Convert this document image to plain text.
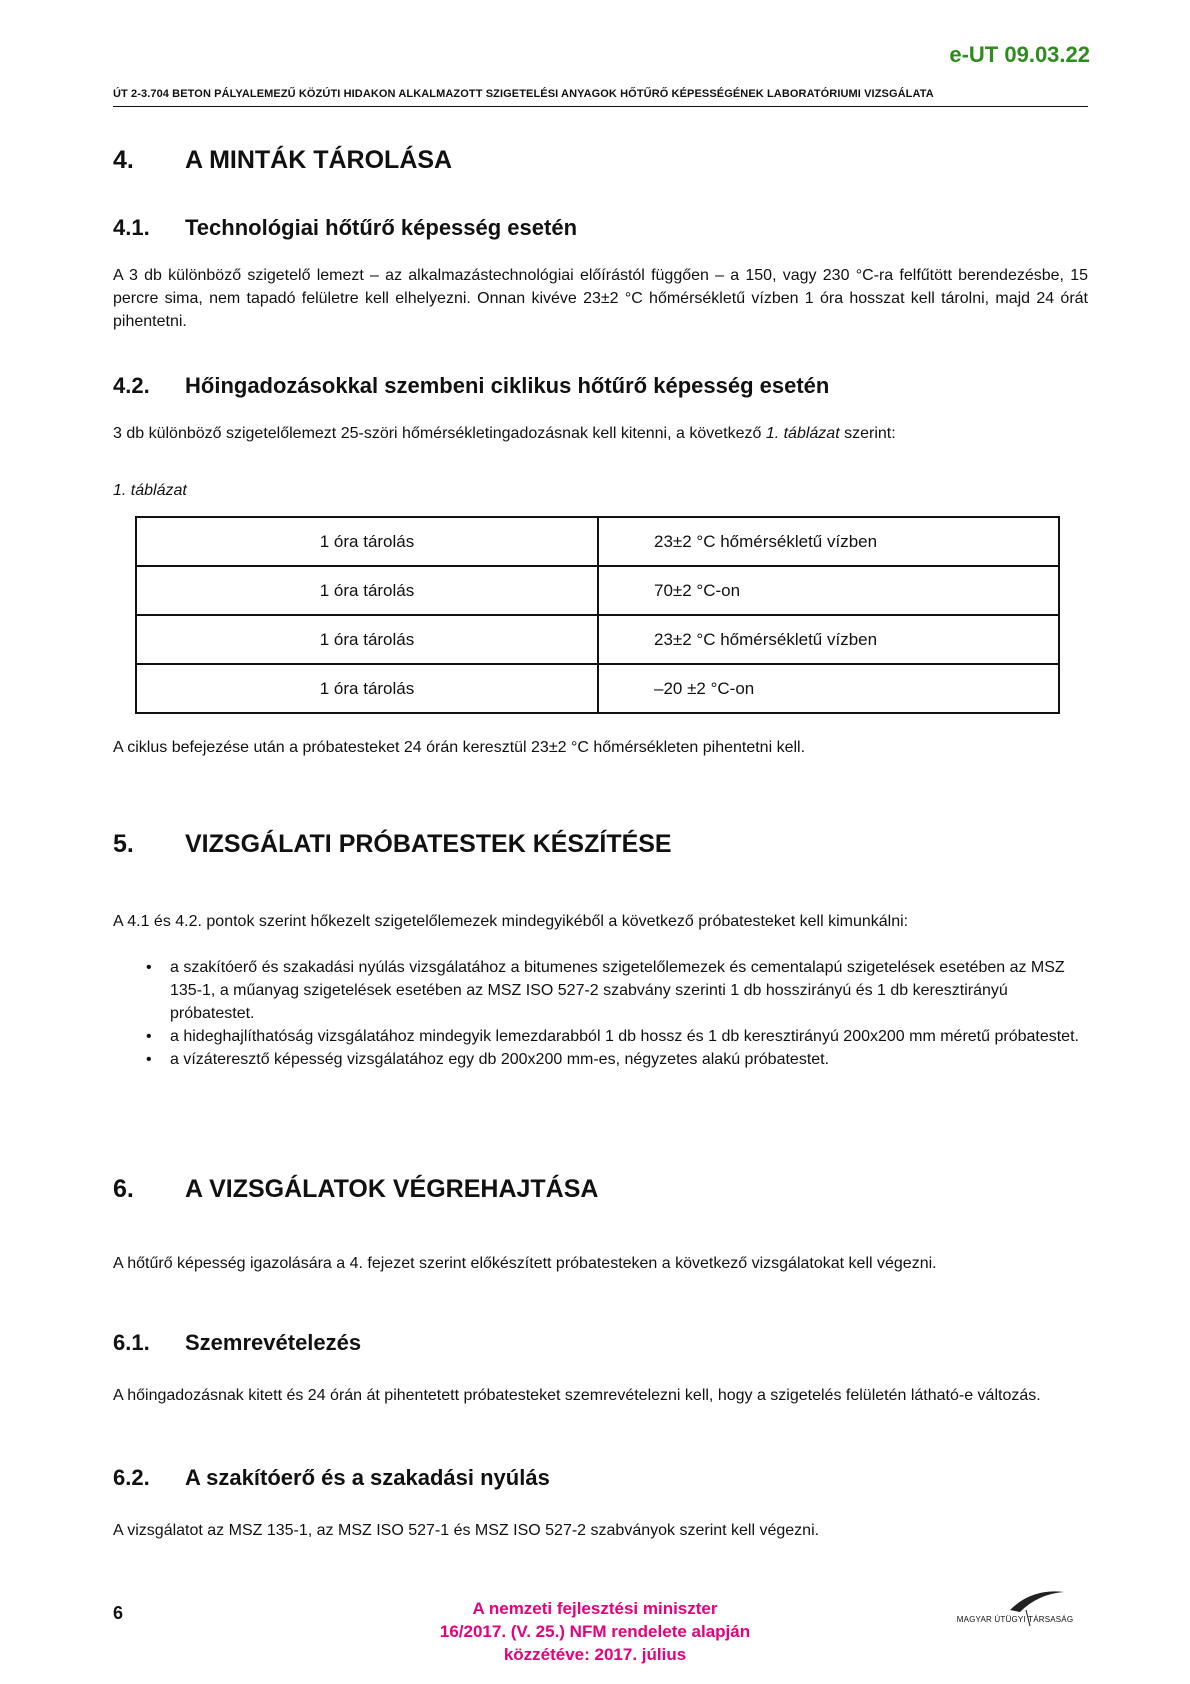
e-UT 09.03.22
ÚT 2-3.704 BETON PÁLYALEMEZŰ KÖZÚTI HIDAKON ALKALMAZOTT SZIGETELÉSI ANYAGOK HŐTŰRŐ KÉPESSÉGÉNEK LABORATÓRIUMI VIZSGÁLATA
4. A MINTÁK TÁROLÁSA
4.1. Technológiai hőtűrő képesség esetén
A 3 db különböző szigetelő lemezt – az alkalmazástechnológiai előírástól függően – a 150, vagy 230 °C-ra felfűtött berendezésbe, 15 percre sima, nem tapadó felületre kell elhelyezni. Onnan kivéve 23±2 °C hőmérsékletű vízben 1 óra hosszat kell tárolni, majd 24 órát pihentetni.
4.2. Hőingadozásokkal szembeni ciklikus hőtűrő képesség esetén
3 db különböző szigetelőlemezt 25-szöri hőmérsékletingadozásnak kell kitenni, a következő 1. táblázat szerint:
1. táblázat
1 óra tárolás	23±2 °C hőmérsékletű vízben
1 óra tárolás	70±2 °C-on
1 óra tárolás	23±2 °C hőmérsékletű vízben
1 óra tárolás	–20 ±2 °C-on
A ciklus befejezése után a próbatesteket 24 órán keresztül 23±2 °C hőmérsékleten pihentetni kell.
5. VIZSGÁLATI PRÓBATESTEK KÉSZÍTÉSE
A 4.1 és 4.2. pontok szerint hőkezelt szigetelőlemezek mindegyikéből a következő próbatesteket kell kimunkálni:
• a szakítóerő és szakadási nyúlás vizsgálatához a bitumenes szigetelőlemezek és cementalapú szigetelések esetében az MSZ 135-1, a műanyag szigetelések esetében az MSZ ISO 527-2 szabvány szerinti 1 db hosszirányú és 1 db keresztirányú próbatestet.
• a hideghajlíthatóság vizsgálatához mindegyik lemezdarabból 1 db hossz és 1 db keresztirányú 200x200 mm méretű próbatestet.
• a vízáteresztő képesség vizsgálatához egy db 200x200 mm-es, négyzetes alakú próbatestet.
6. A VIZSGÁLATOK VÉGREHAJTÁSA
A hőtűrő képesség igazolására a 4. fejezet szerint előkészített próbatesteken a következő vizsgálatokat kell végezni.
6.1. Szemrevételezés
A hőingadozásnak kitett és 24 órán át pihentetett próbatesteket szemrevételezni kell, hogy a szigetelés felületén látható-e változás.
6.2. A szakítóerő és a szakadási nyúlás
A vizsgálatot az MSZ 135-1, az MSZ ISO 527-1 és MSZ ISO 527-2 szabványok szerint kell végezni.
6	A nemzeti fejlesztési miniszter
16/2017. (V. 25.) NFM rendelete alapján
közzétéve: 2017. július
MAGYAR ÚTÜGYI TÁRSASÁG
